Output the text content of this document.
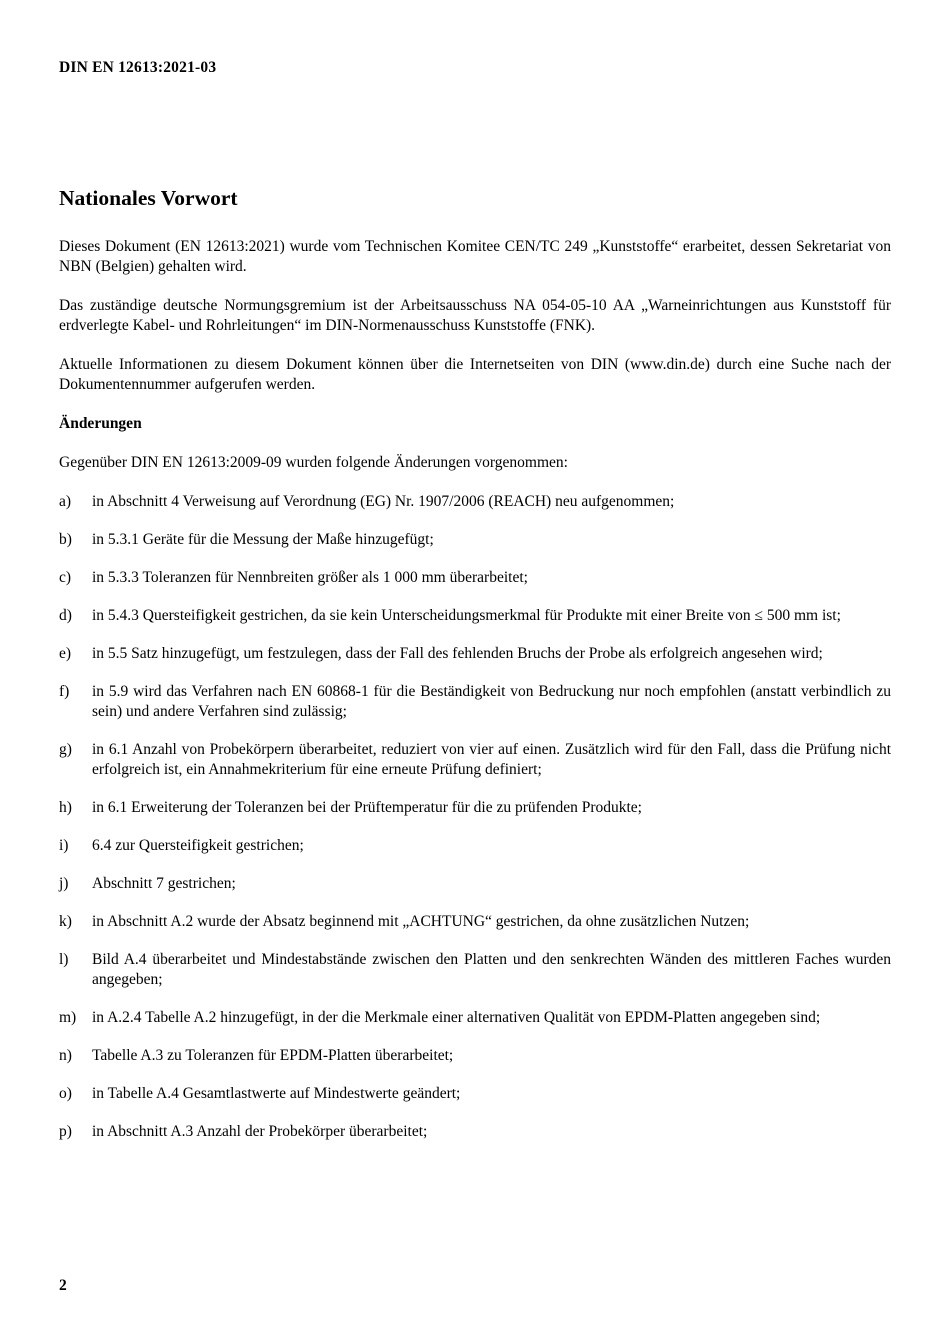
DIN EN 12613:2021-03
Nationales Vorwort

Dieses Dokument (EN 12613:2021) wurde vom Technischen Komitee CEN/TC 249 „Kunststoffe“ erarbeitet, dessen Sekretariat von NBN (Belgien) gehalten wird.

Das zuständige deutsche Normungsgremium ist der Arbeitsausschuss NA 054-05-10 AA „Warneinrichtungen aus Kunststoff für erdverlegte Kabel- und Rohrleitungen“ im DIN-Normenausschuss Kunststoffe (FNK).

Aktuelle Informationen zu diesem Dokument können über die Internetseiten von DIN (www.din.de) durch eine Suche nach der Dokumentennummer aufgerufen werden.

Änderungen

Gegenüber DIN EN 12613:2009-09 wurden folgende Änderungen vorgenommen:

a)	in Abschnitt 4 Verweisung auf Verordnung (EG) Nr. 1907/2006 (REACH) neu aufgenommen;
b)	in 5.3.1 Geräte für die Messung der Maße hinzugefügt;
c)	in 5.3.3 Toleranzen für Nennbreiten größer als 1 000 mm überarbeitet;
d)	in 5.4.3 Quersteifigkeit gestrichen, da sie kein Unterscheidungsmerkmal für Produkte mit einer Breite von ≤ 500 mm ist;
e)	in 5.5 Satz hinzugefügt, um festzulegen, dass der Fall des fehlenden Bruchs der Probe als erfolgreich angesehen wird;
f)	in 5.9 wird das Verfahren nach EN 60868-1 für die Beständigkeit von Bedruckung nur noch empfohlen (anstatt verbindlich zu sein) und andere Verfahren sind zulässig;
g)	in 6.1 Anzahl von Probekörpern überarbeitet, reduziert von vier auf einen. Zusätzlich wird für den Fall, dass die Prüfung nicht erfolgreich ist, ein Annahmekriterium für eine erneute Prüfung definiert;
h)	in 6.1 Erweiterung der Toleranzen bei der Prüftemperatur für die zu prüfenden Produkte;
i)	6.4 zur Quersteifigkeit gestrichen;
j)	Abschnitt 7 gestrichen;
k)	in Abschnitt A.2 wurde der Absatz beginnend mit „ACHTUNG“ gestrichen, da ohne zusätzlichen Nutzen;
l)	Bild A.4 überarbeitet und Mindestabstände zwischen den Platten und den senkrechten Wänden des mittleren Faches wurden angegeben;
m)	in A.2.4 Tabelle A.2 hinzugefügt, in der die Merkmale einer alternativen Qualität von EPDM-Platten angegeben sind;
n)	Tabelle A.3 zu Toleranzen für EPDM-Platten überarbeitet;
o)	in Tabelle A.4 Gesamtlastwerte auf Mindestwerte geändert;
p)	in Abschnitt A.3 Anzahl der Probekörper überarbeitet;
2
